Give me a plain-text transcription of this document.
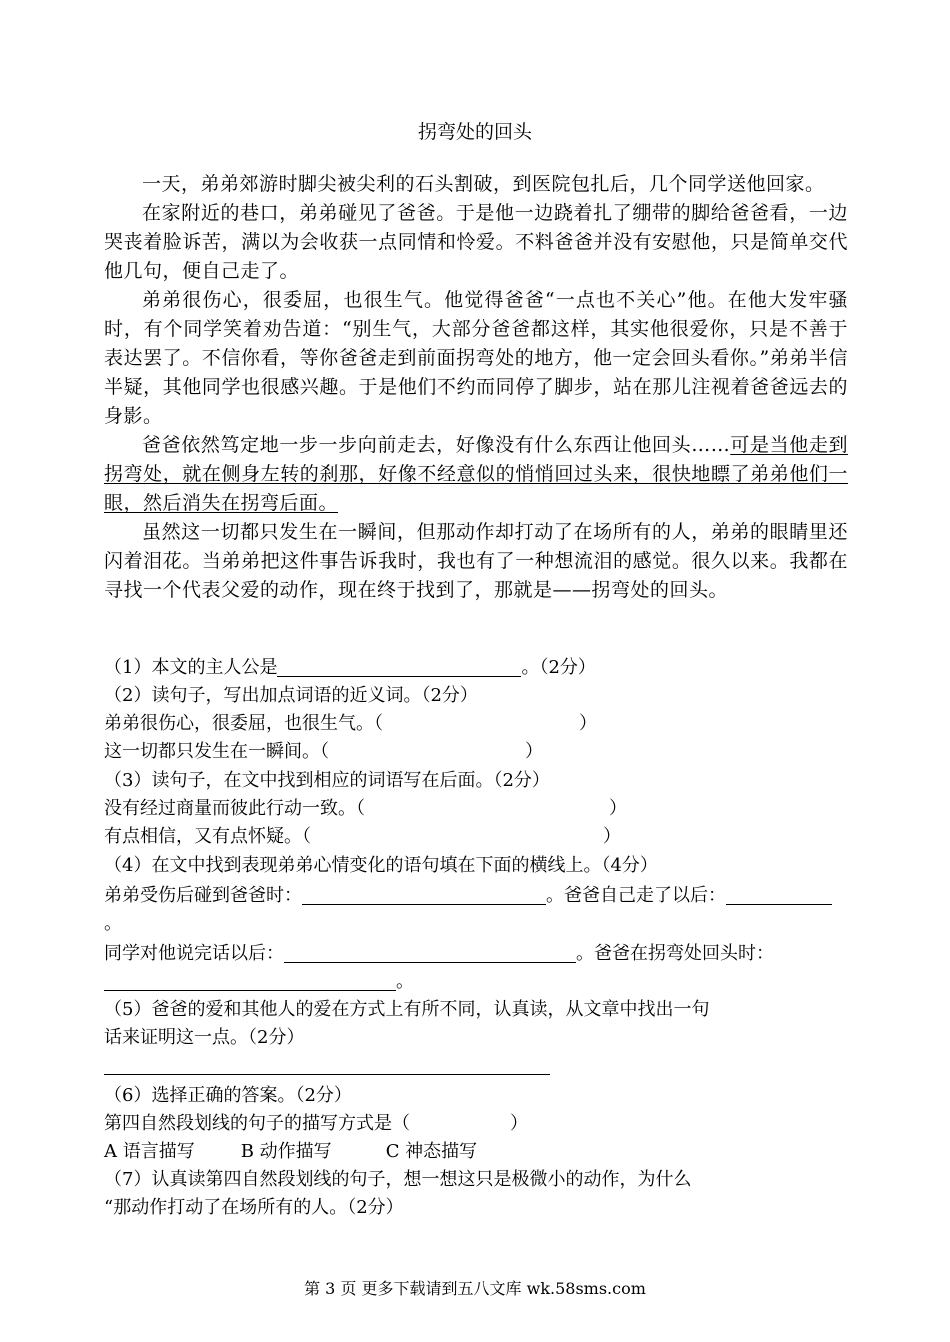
拐弯处的回头

一天，弟弟郊游时脚尖被尖利的石头割破，到医院包扎后，几个同学送他回家。

在家附近的巷口，弟弟碰见了爸爸。于是他一边跷着扎了绷带的脚给爸爸看，一边哭丧着脸诉苦，满以为会收获一点同情和怜爱。不料爸爸并没有安慰他，只是简单交代他几句，便自己走了。

弟弟很伤心，很委屈，也很生气。他觉得爸爸“一点也不关心”他。在他大发牢骚时，有个同学笑着劝告道：“别生气，大部分爸爸都这样，其实他很爱你，只是不善于表达罢了。不信你看，等你爸爸走到前面拐弯处的地方，他一定会回头看你。”弟弟半信半疑，其他同学也很感兴趣。于是他们不约而同停了脚步，站在那儿注视着爸爸远去的身影。

爸爸依然笃定地一步一步向前走去，好像没有什么东西让他回头……可是当他走到拐弯处，就在侧身左转的刹那，好像不经意似的悄悄回过头来，很快地瞟了弟弟他们一眼，然后消失在拐弯后面。

虽然这一切都只发生在一瞬间，但那动作却打动了在场所有的人，弟弟的眼睛里还闪着泪花。当弟弟把这件事告诉我时，我也有了一种想流泪的感觉。很久以来。我都在寻找一个代表父爱的动作，现在终于找到了，那就是——拐弯处的回头。

（1）本文的主人公是	。（2分）
（2）读句子，写出加点词语的近义词。（2分）
弟弟很伤心，很委屈，也很生气。（	）
这一切都只发生在一瞬间。（	）
（3）读句子，在文中找到相应的词语写在后面。（2分）
没有经过商量而彼此行动一致。（	）
有点相信，又有点怀疑。（	）
（4）在文中找到表现弟弟心情变化的语句填在下面的横线上。（4分）
弟弟受伤后碰到爸爸时：	。爸爸自己走了以后：
。
同学对他说完话以后：	。爸爸在拐弯处回头时：
。
（5）爸爸的爱和其他人的爱在方式上有所不同，认真读，从文章中找出一句
话来证明这一点。（2分）
（6）选择正确的答案。（2分）
第四自然段划线的句子的描写方式是（	）
A 语言描写	B 动作描写	C 神态描写
（7）认真读第四自然段划线的句子，想一想这只是极微小的动作，为什么
“那动作打动了在场所有的人。（2分）
第 3 页 更多下载请到五八文库 wk.58sms.com
